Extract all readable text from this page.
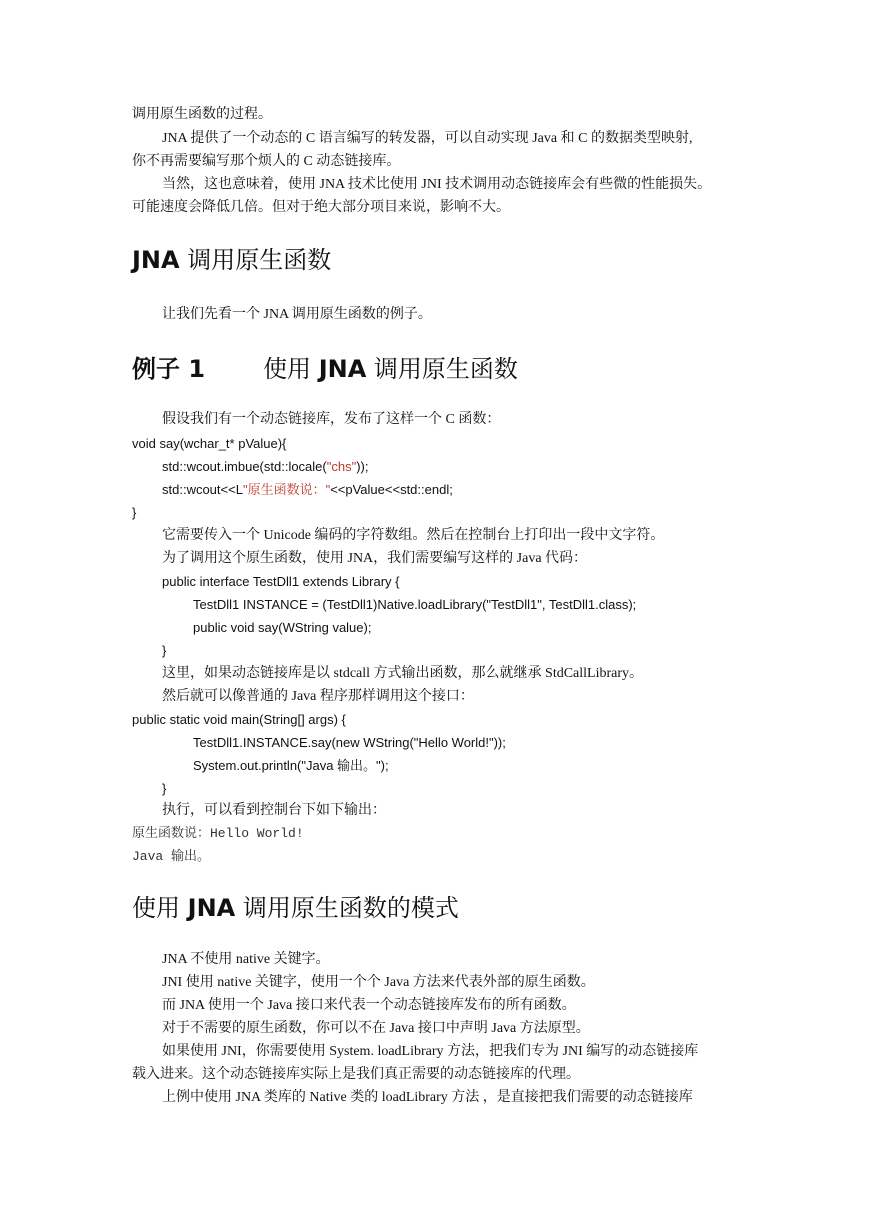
调用原生函数的过程。
JNA 提供了一个动态的 C 语言编写的转发器，可以自动实现 Java 和 C 的数据类型映射,
你不再需要编写那个烦人的 C 动态链接库。
当然，这也意味着，使用 JNA 技术比使用 JNI 技术调用动态链接库会有些微的性能损失。
可能速度会降低几倍。但对于绝大部分项目来说，影响不大。
JNA 调用原生函数
让我们先看一个 JNA 调用原生函数的例子。
例子 1 使用 JNA 调用原生函数
假设我们有一个动态链接库，发布了这样一个 C 函数：
void say(wchar_t* pValue){
std::wcout.imbue(std::locale("chs"));
std::wcout<<L"原生函数说："<<pValue<<std::endl;
}
它需要传入一个 Unicode 编码的字符数组。然后在控制台上打印出一段中文字符。
为了调用这个原生函数，使用 JNA，我们需要编写这样的 Java 代码：
public interface TestDll1 extends Library {
TestDll1 INSTANCE = (TestDll1)Native.loadLibrary("TestDll1", TestDll1.class);
public void say(WString value);
}
这里，如果动态链接库是以 stdcall 方式输出函数，那么就继承 StdCallLibrary。
然后就可以像普通的 Java 程序那样调用这个接口：
public static void main(String[] args) {
TestDll1.INSTANCE.say(new WString("Hello World!"));
System.out.println("Java 输出。");
}
执行，可以看到控制台下如下输出：
原生函数说：Hello World!
Java 输出。
使用 JNA 调用原生函数的模式
JNA 不使用 native 关键字。
JNI 使用 native 关键字，使用一个个 Java 方法来代表外部的原生函数。
而 JNA 使用一个 Java 接口来代表一个动态链接库发布的所有函数。
对于不需要的原生函数，你可以不在 Java 接口中声明 Java 方法原型。
如果使用 JNI，你需要使用 System. loadLibrary 方法，把我们专为 JNI 编写的动态链接库
载入进来。这个动态链接库实际上是我们真正需要的动态链接库的代理。
上例中使用 JNA 类库的 Native 类的 loadLibrary 方法 ，是直接把我们需要的动态链接库
